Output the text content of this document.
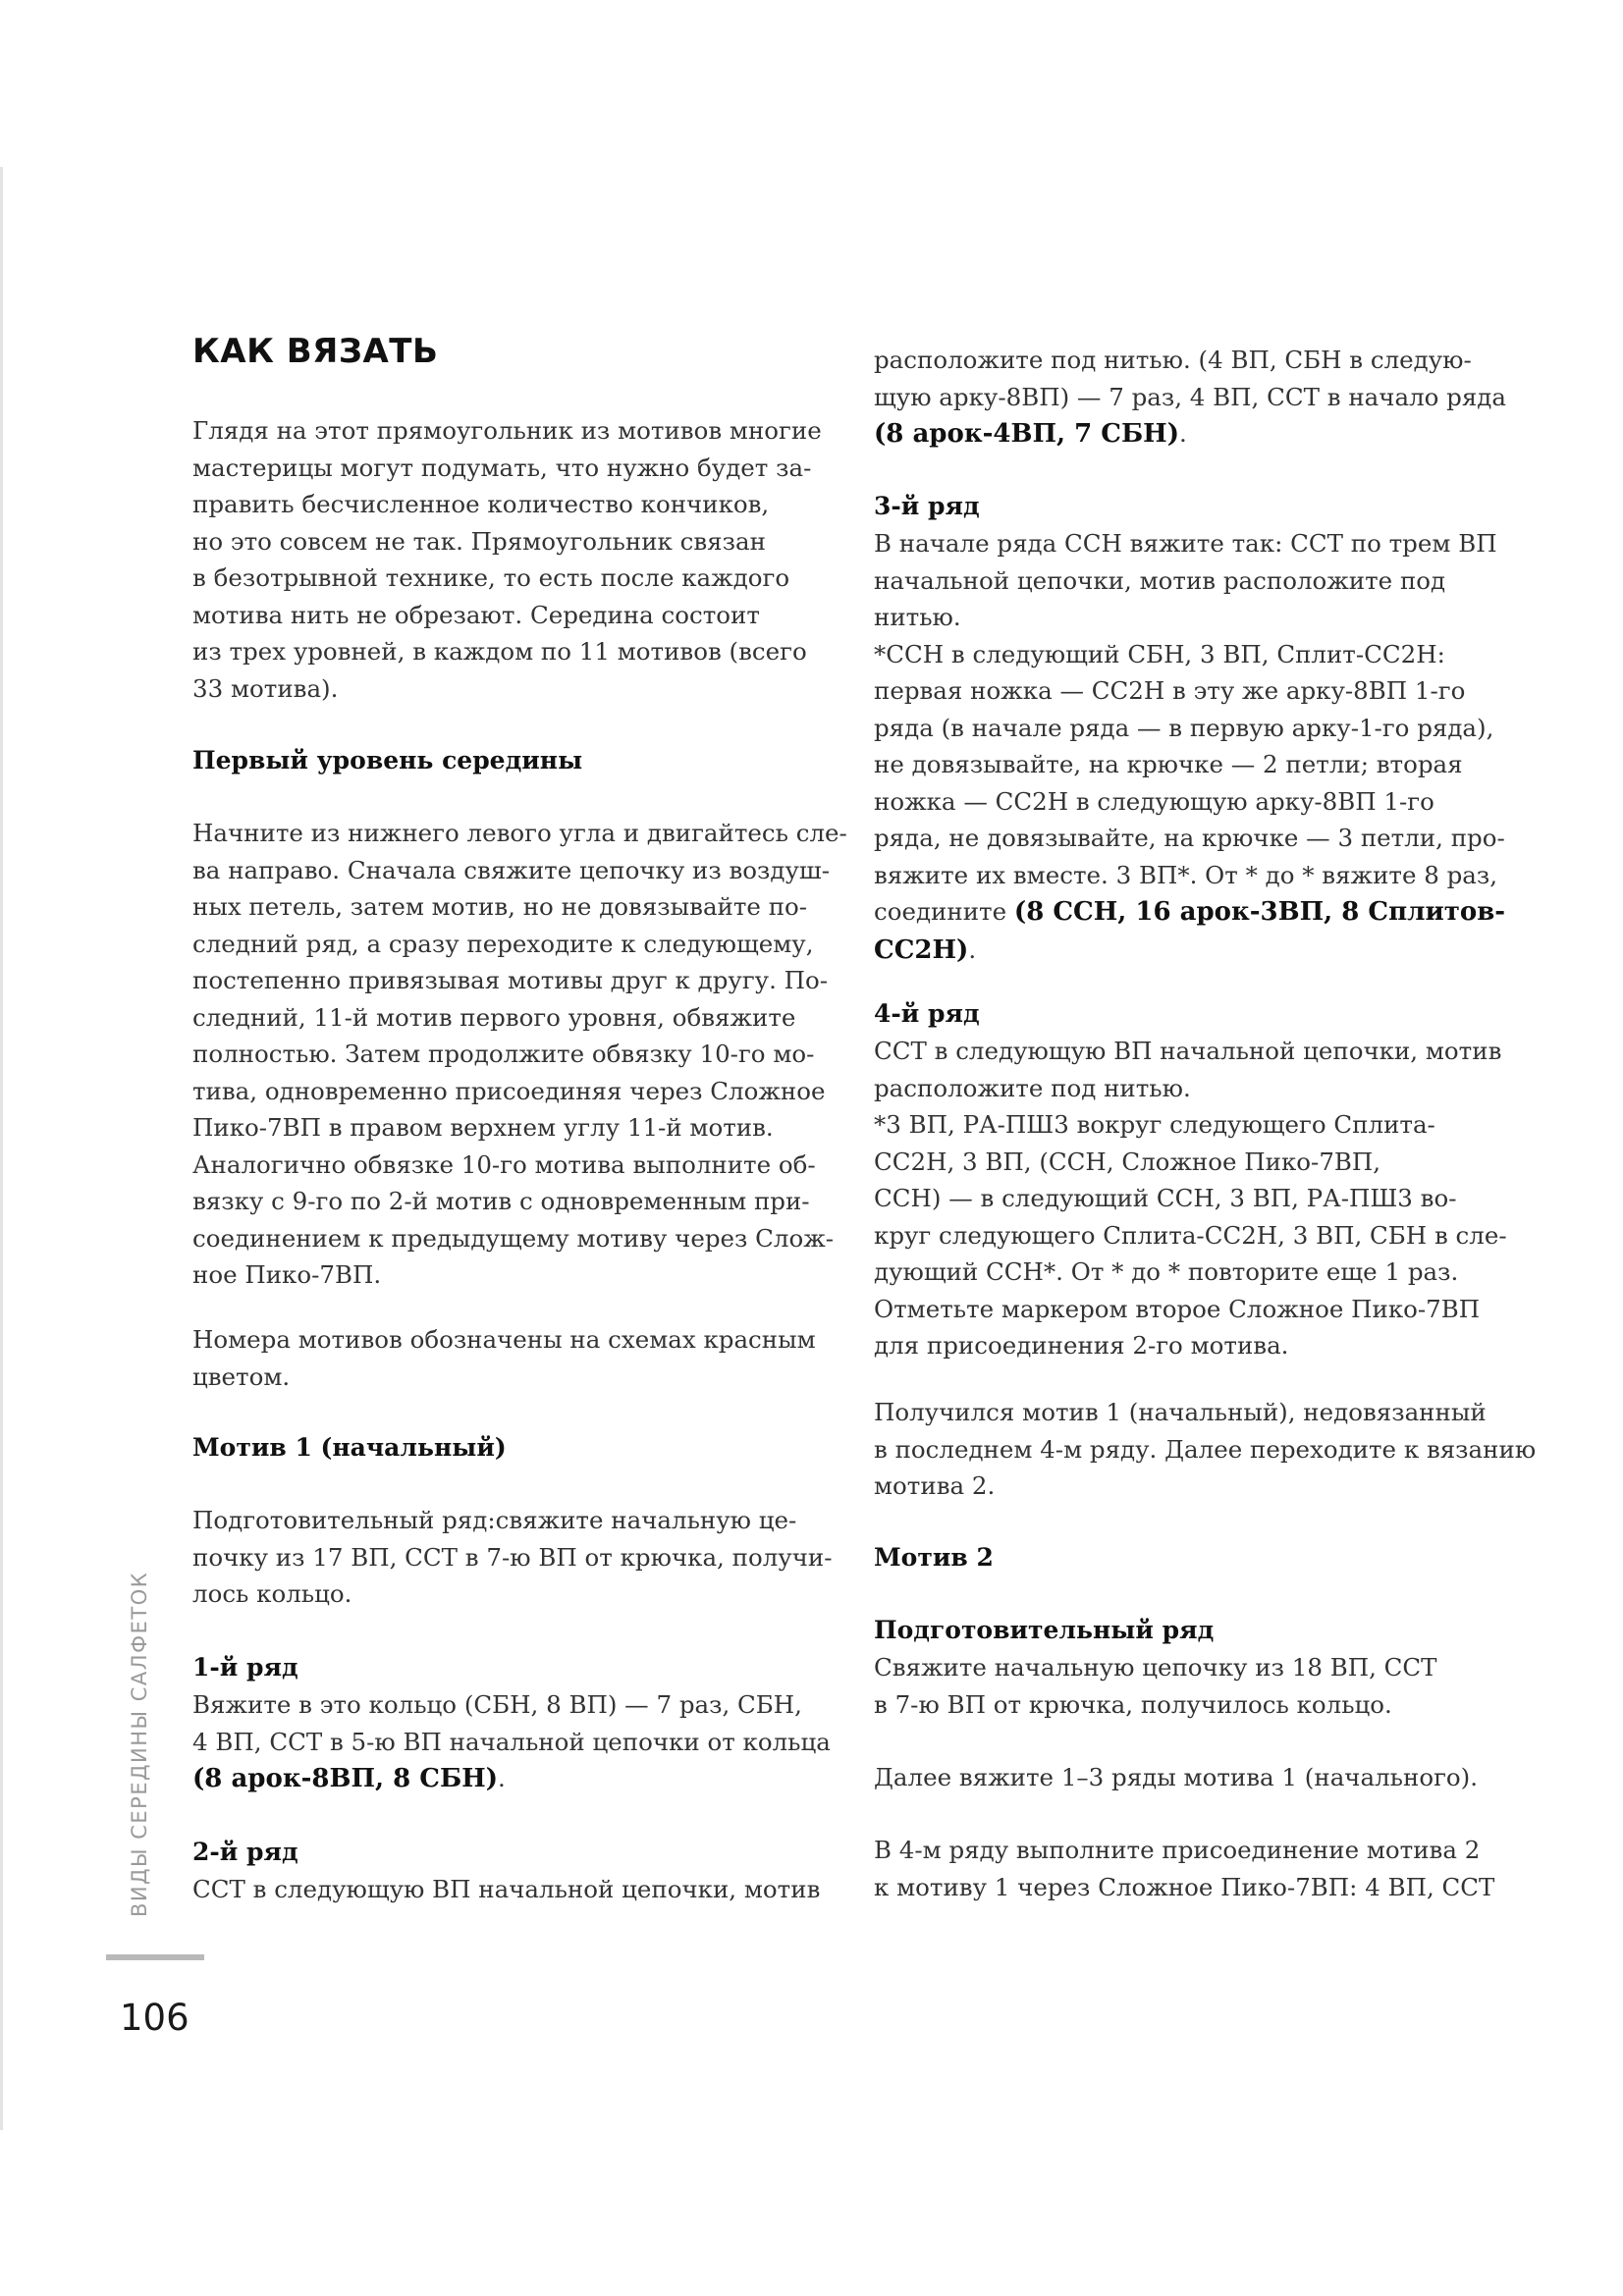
КАК ВЯЗАТЬ

Глядя на этот прямоугольник из мотивов многие
мастерицы могут подумать, что нужно будет за-
править бесчисленное количество кончиков,
но это совсем не так. Прямоугольник связан
в безотрывной технике, то есть после каждого
мотива нить не обрезают. Середина состоит
из трех уровней, в каждом по 11 мотивов (всего
33 мотива).

Первый уровень середины

Начните из нижнего левого угла и двигайтесь сле-
ва направо. Сначала свяжите цепочку из воздуш-
ных петель, затем мотив, но не довязывайте по-
следний ряд, а сразу переходите к следующему,
постепенно привязывая мотивы друг к другу. По-
следний, 11-й мотив первого уровня, обвяжите
полностью. Затем продолжите обвязку 10-го мо-
тива, одновременно присоединяя через Сложное
Пико-7ВП в правом верхнем углу 11-й мотив.
Аналогично обвязке 10-го мотива выполните об-
вязку с 9-го по 2-й мотив с одновременным при-
соединением к предыдущему мотиву через Слож-
ное Пико-7ВП.

Номера мотивов обозначены на схемах красным
цветом.

Мотив 1 (начальный)

Подготовительный ряд:свяжите начальную це-
почку из 17 ВП, ССТ в 7-ю ВП от крючка, получи-
лось кольцо.

1-й ряд

Вяжите в это кольцо (СБН, 8 ВП) — 7 раз, СБН,
4 ВП, ССТ в 5-ю ВП начальной цепочки от кольца
(8 арок-8ВП, 8 СБН).

2-й ряд

ССТ в следующую ВП начальной цепочки, мотив

расположите под нитью. (4 ВП, СБН в следую-
щую арку-8ВП) — 7 раз, 4 ВП, ССТ в начало ряда
(8 арок-4ВП, 7 СБН).

3-й ряд

В начале ряда ССН вяжите так: ССТ по трем ВП
начальной цепочки, мотив расположите под
нитью.
*ССН в следующий СБН, 3 ВП, Сплит-СС2Н:
первая ножка — СС2Н в эту же арку-8ВП 1-го
ряда (в начале ряда — в первую арку-1-го ряда),
не довязывайте, на крючке — 2 петли; вторая
ножка — СС2Н в следующую арку-8ВП 1-го
ряда, не довязывайте, на крючке — 3 петли, про-
вяжите их вместе. 3 ВП*. От * до * вяжите 8 раз,
соедините (8 ССН, 16 арок-3ВП, 8 Сплитов-
СС2Н).

4-й ряд

ССТ в следующую ВП начальной цепочки, мотив
расположите под нитью.
*3 ВП, РА-ПШ3 вокруг следующего Сплита-
СС2Н, 3 ВП, (ССН, Сложное Пико-7ВП,
ССН) — в следующий ССН, 3 ВП, РА-ПШ3 во-
круг следующего Сплита-СС2Н, 3 ВП, СБН в сле-
дующий ССН*. От * до * повторите еще 1 раз.
Отметьте маркером второе Сложное Пико-7ВП
для присоединения 2-го мотива.

Получился мотив 1 (начальный), недовязанный
в последнем 4-м ряду. Далее переходите к вязанию
мотива 2.

Мотив 2
Подготовительный ряд

Свяжите начальную цепочку из 18 ВП, ССТ
в 7-ю ВП от крючка, получилось кольцо.

Далее вяжите 1–3 ряды мотива 1 (начального).

В 4-м ряду выполните присоединение мотива 2
к мотиву 1 через Сложное Пико-7ВП: 4 ВП, ССТ

ВИДЫ СЕРЕДИНЫ САЛФЕТОК
106
